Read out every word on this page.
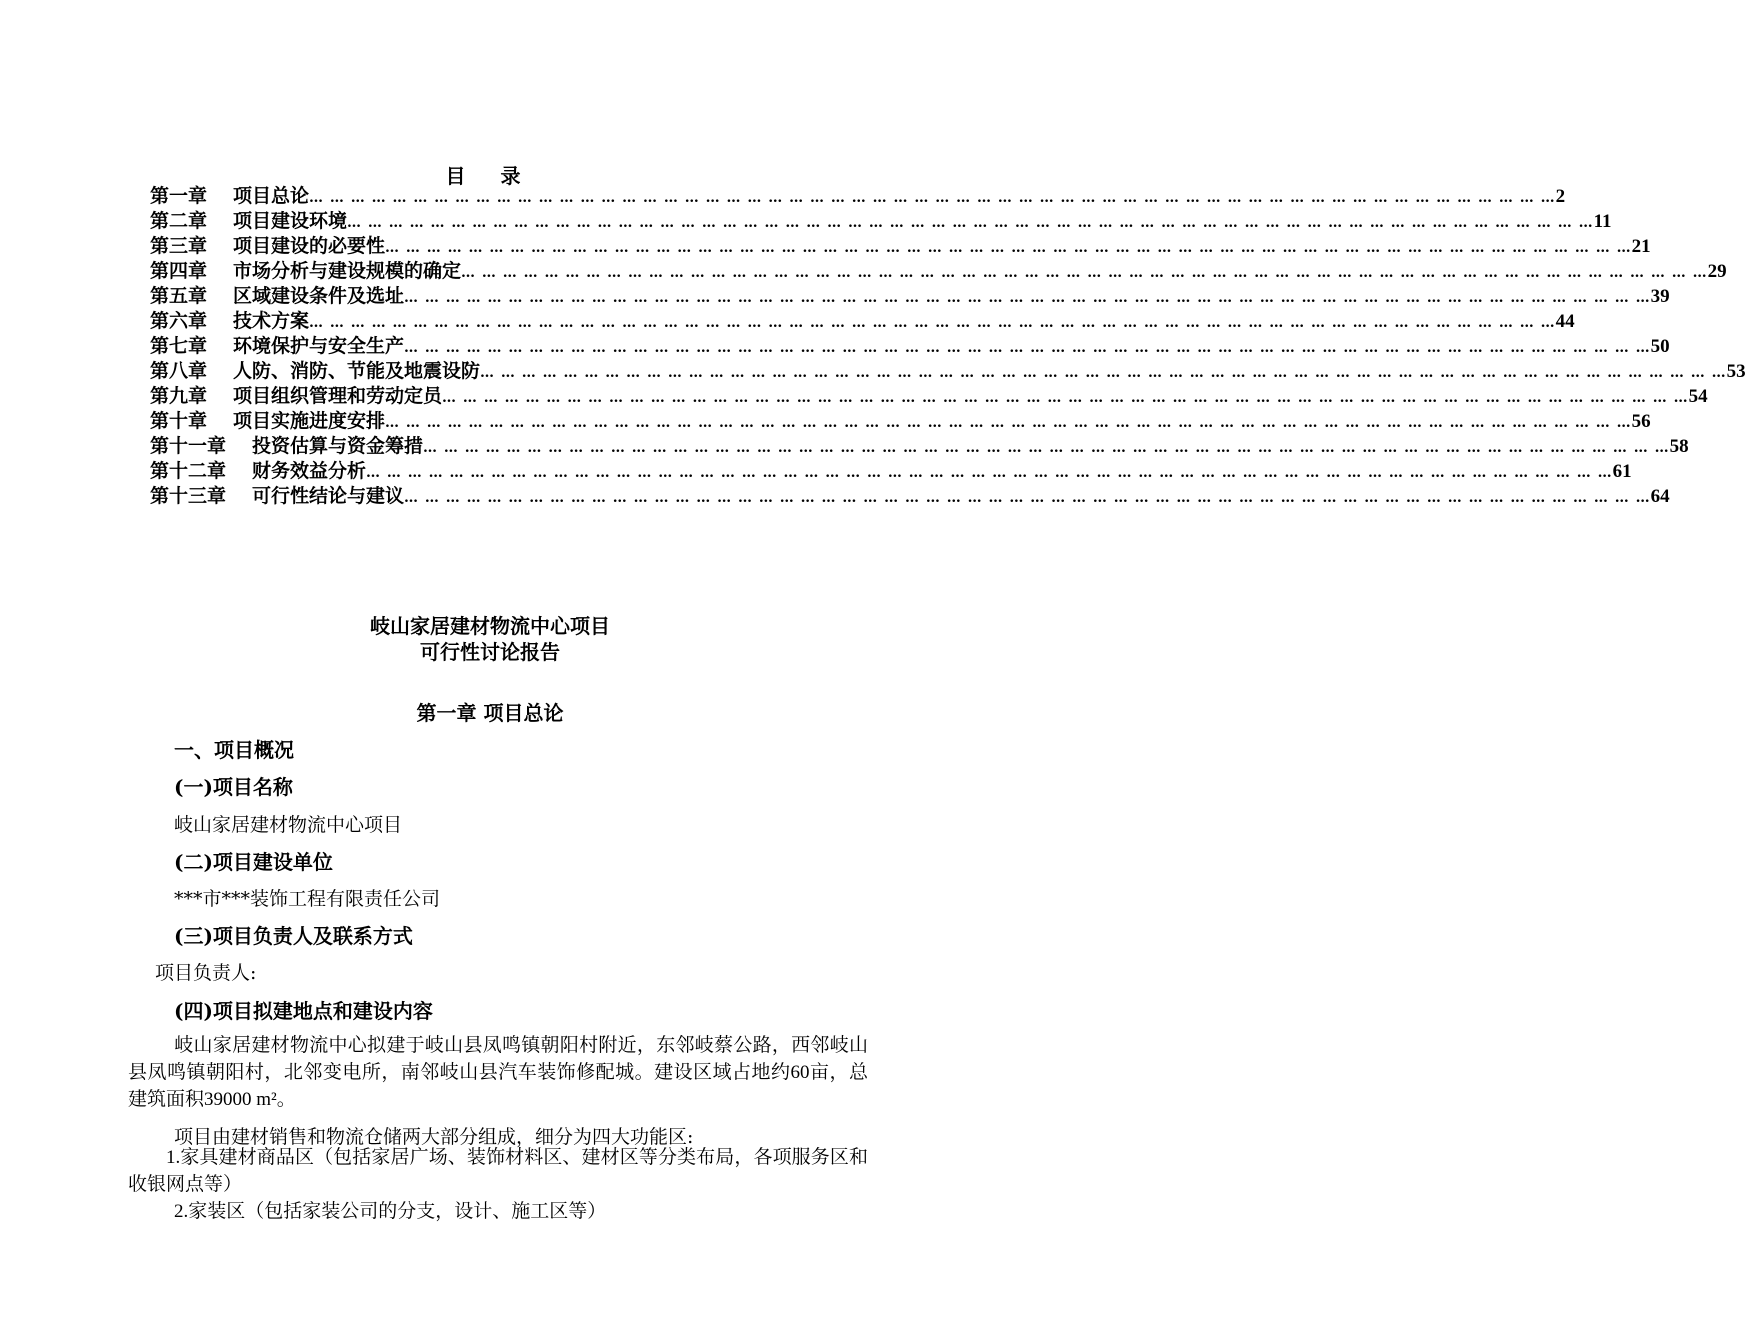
目 录
第一章 项目总论 … … … … … … … … … … … … … … … … … … … … … … … … … … … … … … … … … … … … … … … … … … … … … … … … … … … … … … … … … … … … 2
第二章 项目建设环境 … … … … … … … … … … … … … … … … … … … … … … … … … … … … … … … … … … … … … … … … … … … … … … … … … … … … … … … … … … … … 11
第三章 项目建设的必要性 … … … … … … … … … … … … … … … … … … … … … … … … … … … … … … … … … … … … … … … … … … … … … … … … … … … … … … … … … … … … 21
第四章 市场分析与建设规模的确定 … … … … … … … … … … … … … … … … … … … … … … … … … … … … … … … … … … … … … … … … … … … … … … … … … … … … … … … … … … … … 29
第五章 区域建设条件及选址 … … … … … … … … … … … … … … … … … … … … … … … … … … … … … … … … … … … … … … … … … … … … … … … … … … … … … … … … … … … … 39
第六章 技术方案 … … … … … … … … … … … … … … … … … … … … … … … … … … … … … … … … … … … … … … … … … … … … … … … … … … … … … … … … … … … … 44
第七章 环境保护与安全生产 … … … … … … … … … … … … … … … … … … … … … … … … … … … … … … … … … … … … … … … … … … … … … … … … … … … … … … … … … … … … 50
第八章 人防、消防、节能及地震设防 … … … … … … … … … … … … … … … … … … … … … … … … … … … … … … … … … … … … … … … … … … … … … … … … … … … … … … … … … … … … 53
第九章 项目组织管理和劳动定员 … … … … … … … … … … … … … … … … … … … … … … … … … … … … … … … … … … … … … … … … … … … … … … … … … … … … … … … … … … … … 54
第十章 项目实施进度安排 … … … … … … … … … … … … … … … … … … … … … … … … … … … … … … … … … … … … … … … … … … … … … … … … … … … … … … … … … … … … 56
第十一章 投资估算与资金筹措 … … … … … … … … … … … … … … … … … … … … … … … … … … … … … … … … … … … … … … … … … … … … … … … … … … … … … … … … … … … … 58
第十二章 财务效益分析 … … … … … … … … … … … … … … … … … … … … … … … … … … … … … … … … … … … … … … … … … … … … … … … … … … … … … … … … … … … … 61
第十三章 可行性结论与建议 … … … … … … … … … … … … … … … … … … … … … … … … … … … … … … … … … … … … … … … … … … … … … … … … … … … … … … … … … … … … 64
岐山家居建材物流中心项目
可行性讨论报告
第一章 项目总论
一、项目概况
(一)项目名称
岐山家居建材物流中心项目
(二)项目建设单位
***市***装饰工程有限责任公司
(三)项目负责人及联系方式
项目负责人:
(四)项目拟建地点和建设内容
岐山家居建材物流中心拟建于岐山县凤鸣镇朝阳村附近，东邻岐蔡公路，西邻岐山县凤鸣镇朝阳村，北邻变电所，南邻岐山县汽车装饰修配城。建设区域占地约60亩，总建筑面积39000 m²。
项目由建材销售和物流仓储两大部分组成，细分为四大功能区:
1.家具建材商品区（包括家居广场、装饰材料区、建材区等分类布局，各项服务区和收银网点等）
2.家装区（包括家装公司的分支，设计、施工区等）
